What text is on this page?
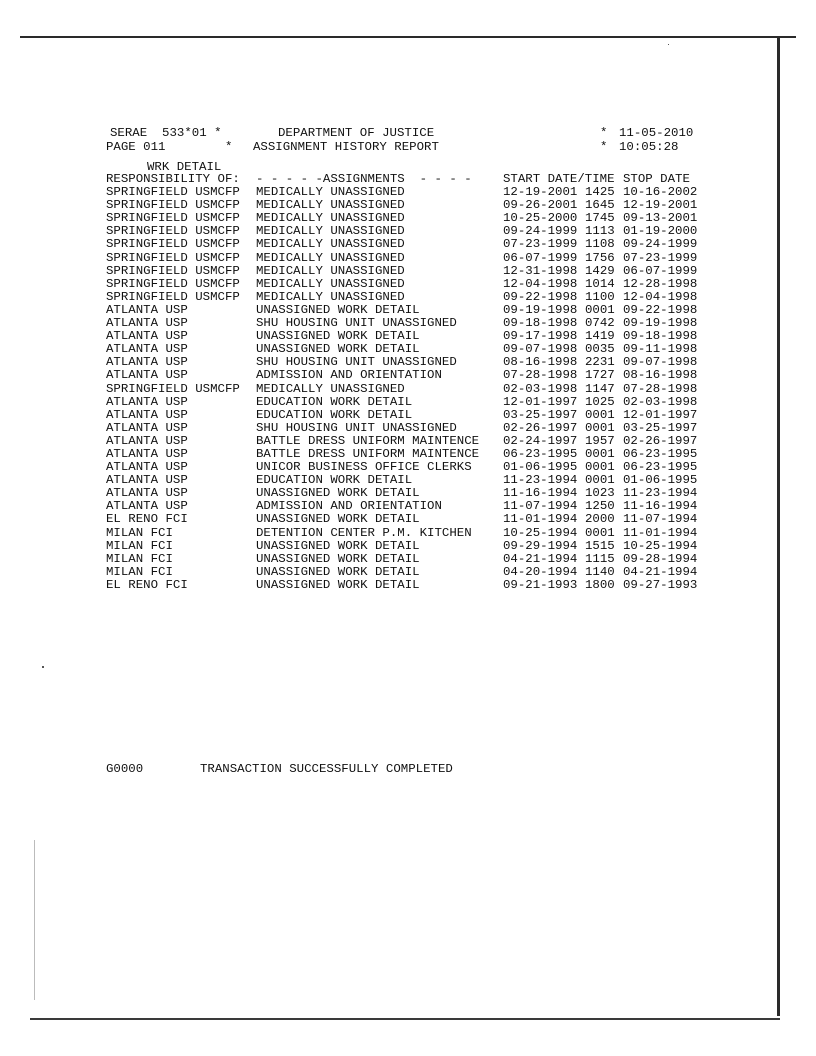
SERAE  533*01 *	DEPARTMENT OF JUSTICE	* 11-05-2010
PAGE 011        * ASSIGNMENT HISTORY REPORT	* 10:05:28
WRK DETAIL
RESPONSIBILITY OF:	- - - - -ASSIGNMENTS  - - - -	START DATE/TIME STOP DATE
SPRINGFIELD USMCFP	MEDICALLY UNASSIGNED	12-19-2001 1425 10-16-2002
SPRINGFIELD USMCFP	MEDICALLY UNASSIGNED	09-26-2001 1645 12-19-2001
SPRINGFIELD USMCFP	MEDICALLY UNASSIGNED	10-25-2000 1745 09-13-2001
SPRINGFIELD USMCFP	MEDICALLY UNASSIGNED	09-24-1999 1113 01-19-2000
SPRINGFIELD USMCFP	MEDICALLY UNASSIGNED	07-23-1999 1108 09-24-1999
SPRINGFIELD USMCFP	MEDICALLY UNASSIGNED	06-07-1999 1756 07-23-1999
SPRINGFIELD USMCFP	MEDICALLY UNASSIGNED	12-31-1998 1429 06-07-1999
SPRINGFIELD USMCFP	MEDICALLY UNASSIGNED	12-04-1998 1014 12-28-1998
SPRINGFIELD USMCFP	MEDICALLY UNASSIGNED	09-22-1998 1100 12-04-1998
ATLANTA USP	UNASSIGNED WORK DETAIL	09-19-1998 0001 09-22-1998
ATLANTA USP	SHU HOUSING UNIT UNASSIGNED	09-18-1998 0742 09-19-1998
ATLANTA USP	UNASSIGNED WORK DETAIL	09-17-1998 1419 09-18-1998
ATLANTA USP	UNASSIGNED WORK DETAIL	09-07-1998 0035 09-11-1998
ATLANTA USP	SHU HOUSING UNIT UNASSIGNED	08-16-1998 2231 09-07-1998
ATLANTA USP	ADMISSION AND ORIENTATION	07-28-1998 1727 08-16-1998
SPRINGFIELD USMCFP	MEDICALLY UNASSIGNED	02-03-1998 1147 07-28-1998
ATLANTA USP	EDUCATION WORK DETAIL	12-01-1997 1025 02-03-1998
ATLANTA USP	EDUCATION WORK DETAIL	03-25-1997 0001 12-01-1997
ATLANTA USP	SHU HOUSING UNIT UNASSIGNED	02-26-1997 0001 03-25-1997
ATLANTA USP	BATTLE DRESS UNIFORM MAINTENCE	02-24-1997 1957 02-26-1997
ATLANTA USP	BATTLE DRESS UNIFORM MAINTENCE	06-23-1995 0001 06-23-1995
ATLANTA USP	UNICOR BUSINESS OFFICE CLERKS	01-06-1995 0001 06-23-1995
ATLANTA USP	EDUCATION WORK DETAIL	11-23-1994 0001 01-06-1995
ATLANTA USP	UNASSIGNED WORK DETAIL	11-16-1994 1023 11-23-1994
ATLANTA USP	ADMISSION AND ORIENTATION	11-07-1994 1250 11-16-1994
EL RENO FCI	UNASSIGNED WORK DETAIL	11-01-1994 2000 11-07-1994
MILAN FCI	DETENTION CENTER P.M. KITCHEN	10-25-1994 0001 11-01-1994
MILAN FCI	UNASSIGNED WORK DETAIL	09-29-1994 1515 10-25-1994
MILAN FCI	UNASSIGNED WORK DETAIL	04-21-1994 1115 09-28-1994
MILAN FCI	UNASSIGNED WORK DETAIL	04-20-1994 1140 04-21-1994
EL RENO FCI	UNASSIGNED WORK DETAIL	09-21-1993 1800 09-27-1993
G0000	TRANSACTION SUCCESSFULLY COMPLETED
